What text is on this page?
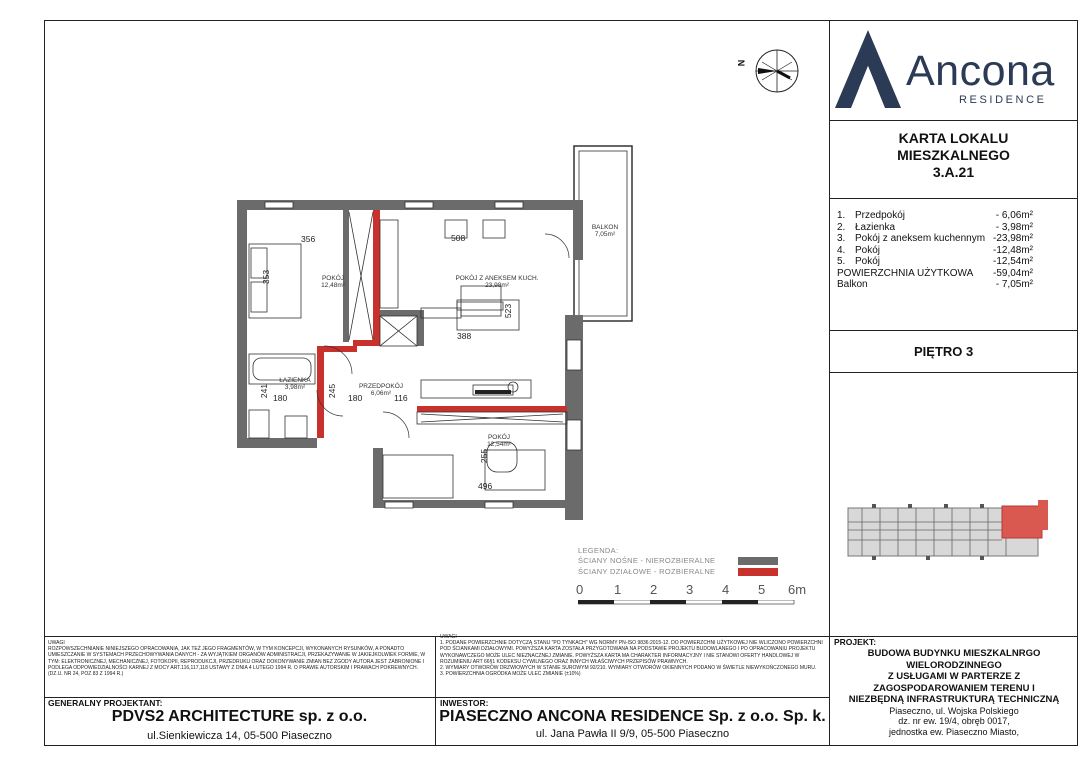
Ancona
RESIDENCE
N
KARTA LOKALU
MIESZKALNEGO
3.A.21
1. Przedpokój	- 6,06m²
2. Łazienka	- 3,98m²
3. Pokój z aneksem kuchennym -23,98m²
4. Pokój	-12,48m²
5. Pokój	-12,54m²
POWIERZCHNIA UŻYTKOWA -59,04m²
Balkon	- 7,05m²
PIĘTRO 3
POKÓJ
12,48m²
POKÓJ Z ANEKSEM KUCH.
23,98m²
ŁAZIENKA
3,98m²	PRZEDPOKÓJ
6,06m²
POKÓJ
12,54m²
BALKON
7,05m²
356
353
508
523
388
241 180	245 180	116
255
496
LEGENDA:
ŚCIANY NOŚNE - NIEROZBIERALNE
ŚCIANY DZIAŁOWE - ROZBIERALNE
0 1 2 3 4 5 6m
UWAGI
ROZPOWSZECHNIANIE NINIEJSZEGO OPRACOWANIA, JAK TEŻ JEGO FRAGMENTÓW, W TYM KONCEPCJI, WYKONANYCH RYSUNKÓW, A PONADTO UMIESZCZANIE W SYSTEMACH PRZECHOWYWANIA DANYCH - ZA WYJĄTKIEM ORGANÓW ADMINISTRACJI, PRZEKAZYWANIE W JAKIEJKOLWIEK FORMIE, W TYM: ELEKTRONICZNEJ, MECHANICZNEJ, FOTOKOPII, REPRODUKCJI, PRZEDRUKU ORAZ DOKONYWANIE ZMIAN BEZ ZGODY AUTORA JEST ZABRONIONE I PODLEGA ODPOWIEDZIALNOŚCI KARNEJ Z MOCY ART.116,117,118 USTAWY Z DNIA 4 LUTEGO 1994 R. O PRAWIE AUTORSKIM I PRAWACH POKREWNYCH.
(DZ.U. NR 24, POZ 83 Z 1994 R.)
UWAGI
1. PODANE POWIERZCHNIE DOTYCZĄ STANU "PO TYNKACH" WG NORMY PN-ISO 9836:2015-12. DO POWIERZCHNI UŻYTKOWEJ NIE WLICZONO POWIERZCHNI POD ŚCIANKAMI DZIAŁOWYMI. POWYŻSZA KARTA ZOSTAŁA PRZYGOTOWANA NA PODSTAWIE PROJEKTU BUDOWLANEGO I PO OPRACOWANIU PROJEKTU WYKONAWCZEGO MOŻE ULEC NIEZNACZNEJ ZMIANIE. POWYŻSZA KARTA MA CHARAKTER INFORMACYJNY I NIE STANOWI OFERTY HANDLOWEJ W ROZUMIENIU ART 66§1 KODEKSU CYWILNEGO ORAZ INNYCH WŁAŚCIWYCH PRZEPISÓW PRAWNYCH.
2. WYMIARY OTWORÓW DRZWIOWYCH W STANIE SUROWYM 92/210. WYMIARY OTWORÓW OKIENNYCH PODANO W ŚWIETLE NIEWYKOŃCZONEGO MURU.
3. POWIERZCHNIA OGRÓDKA MOŻE ULEC ZMIANIE (±10%)
GENERALNY PROJEKTANT:
PDVS2 ARCHITECTURE sp. z o.o.
ul.Sienkiewicza 14, 05-500 Piaseczno
INWESTOR:
PIASECZNO ANCONA RESIDENCE Sp. z o.o. Sp. k.
ul. Jana Pawła II 9/9, 05-500 Piaseczno
PROJEKT:
BUDOWA BUDYNKU MIESZKALNRGO
WIELORODZINNEGO
Z USŁUGAMI W PARTERZE Z
ZAGOSPODAROWANIEM TERENU I
NIEZBĘDNĄ INFRASTRUKTURĄ TECHNICZNĄ
Piaseczno, ul. Wojska Polskiego
dz. nr ew. 19/4, obręb 0017,
jednostka ew. Piaseczno Miasto,
